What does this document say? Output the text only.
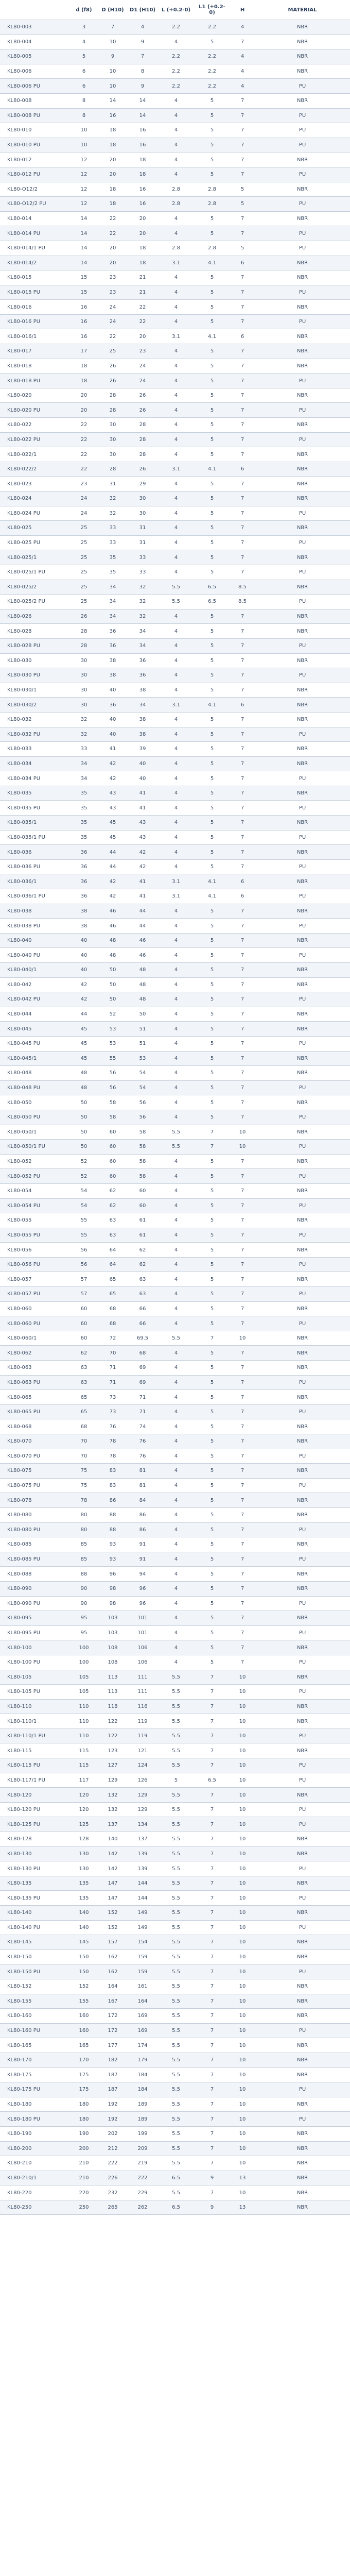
	d (f8)	D (H10)	D1 (H10)	L (+0.2-0)	L1 (+0.2-0)	H	MATERIAL
KL80-003	3	7	4	2.2	2.2	4	NBR
KL80-004	4	10	9	4	5	7	NBR
KL80-005	5	9	7	2.2	2.2	4	NBR
KL80-006	6	10	8	2.2	2.2	4	NBR
KL80-006 PU	6	10	9	2.2	2.2	4	PU
KL80-008	8	14	14	4	5	7	NBR
KL80-008 PU	8	16	14	4	5	7	PU
KL80-010	10	18	16	4	5	7	PU
KL80-010 PU	10	18	16	4	5	7	PU
KL80-012	12	20	18	4	5	7	NBR
KL80-012 PU	12	20	18	4	5	7	PU
KL80-O12/2	12	18	16	2.8	2.8	5	NBR
KL80-O12/2 PU	12	18	16	2.8	2.8	5	PU
KL80-014	14	22	20	4	5	7	NBR
KL80-014 PU	14	22	20	4	5	7	PU
KL80-014/1 PU	14	20	18	2.8	2.8	5	PU
KL80-014/2	14	20	18	3.1	4.1	6	NBR
KL80-015	15	23	21	4	5	7	NBR
KL80-015 PU	15	23	21	4	5	7	PU
KL80-016	16	24	22	4	5	7	NBR
KL80-016 PU	16	24	22	4	5	7	PU
KL80-016/1	16	22	20	3.1	4.1	6	NBR
KL80-017	17	25	23	4	5	7	NBR
KL80-018	18	26	24	4	5	7	NBR
KL80-018 PU	18	26	24	4	5	7	PU
KL80-020	20	28	26	4	5	7	NBR
KL80-020 PU	20	28	26	4	5	7	PU
KL80-022	22	30	28	4	5	7	NBR
KL80-022 PU	22	30	28	4	5	7	PU
KL80-022/1	22	30	28	4	5	7	NBR
KL80-022/2	22	28	26	3.1	4.1	6	NBR
KL80-023	23	31	29	4	5	7	NBR
KL80-024	24	32	30	4	5	7	NBR
KL80-024 PU	24	32	30	4	5	7	PU
KL80-025	25	33	31	4	5	7	NBR
KL80-025 PU	25	33	31	4	5	7	PU
KL80-025/1	25	35	33	4	5	7	NBR
KL80-025/1 PU	25	35	33	4	5	7	PU
KL80-025/2	25	34	32	5.5	6.5	8.5	NBR
KL80-025/2 PU	25	34	32	5.5	6.5	8.5	PU
KL80-026	26	34	32	4	5	7	NBR
KL80-028	28	36	34	4	5	7	NBR
KL80-028 PU	28	36	34	4	5	7	PU
KL80-030	30	38	36	4	5	7	NBR
KL80-030 PU	30	38	36	4	5	7	PU
KL80-030/1	30	40	38	4	5	7	NBR
KL80-030/2	30	36	34	3.1	4.1	6	NBR
KL80-032	32	40	38	4	5	7	NBR
KL80-032 PU	32	40	38	4	5	7	PU
KL80-033	33	41	39	4	5	7	NBR
KL80-034	34	42	40	4	5	7	NBR
KL80-034 PU	34	42	40	4	5	7	PU
KL80-035	35	43	41	4	5	7	NBR
KL80-035 PU	35	43	41	4	5	7	PU
KL80-035/1	35	45	43	4	5	7	NBR
KL80-035/1 PU	35	45	43	4	5	7	PU
KL80-036	36	44	42	4	5	7	NBR
KL80-036 PU	36	44	42	4	5	7	PU
KL80-036/1	36	42	41	3.1	4.1	6	NBR
KL80-036/1 PU	36	42	41	3.1	4.1	6	PU
KL80-038	38	46	44	4	5	7	NBR
KL80-038 PU	38	46	44	4	5	7	PU
KL80-040	40	48	46	4	5	7	NBR
KL80-040 PU	40	48	46	4	5	7	PU
KL80-040/1	40	50	48	4	5	7	NBR
KL80-042	42	50	48	4	5	7	NBR
KL80-042 PU	42	50	48	4	5	7	PU
KL80-044	44	52	50	4	5	7	NBR
KL80-045	45	53	51	4	5	7	NBR
KL80-045 PU	45	53	51	4	5	7	PU
KL80-045/1	45	55	53	4	5	7	NBR
KL80-048	48	56	54	4	5	7	NBR
KL80-048 PU	48	56	54	4	5	7	PU
KL80-050	50	58	56	4	5	7	NBR
KL80-050 PU	50	58	56	4	5	7	PU
KL80-050/1	50	60	58	5.5	7	10	NBR
KL80-050/1 PU	50	60	58	5.5	7	10	PU
KL80-052	52	60	58	4	5	7	NBR
KL80-052 PU	52	60	58	4	5	7	PU
KL80-054	54	62	60	4	5	7	NBR
KL80-054 PU	54	62	60	4	5	7	PU
KL80-055	55	63	61	4	5	7	NBR
KL80-055 PU	55	63	61	4	5	7	PU
KL80-056	56	64	62	4	5	7	NBR
KL80-056 PU	56	64	62	4	5	7	PU
KL80-057	57	65	63	4	5	7	NBR
KL80-057 PU	57	65	63	4	5	7	PU
KL80-060	60	68	66	4	5	7	NBR
KL80-060 PU	60	68	66	4	5	7	PU
KL80-060/1	60	72	69.5	5.5	7	10	NBR
KL80-062	62	70	68	4	5	7	NBR
KL80-063	63	71	69	4	5	7	NBR
KL80-063 PU	63	71	69	4	5	7	PU
KL80-065	65	73	71	4	5	7	NBR
KL80-065 PU	65	73	71	4	5	7	PU
KL80-068	68	76	74	4	5	7	NBR
KL80-070	70	78	76	4	5	7	NBR
KL80-070 PU	70	78	76	4	5	7	PU
KL80-075	75	83	81	4	5	7	NBR
KL80-075 PU	75	83	81	4	5	7	PU
KL80-078	78	86	84	4	5	7	NBR
KL80-080	80	88	86	4	5	7	NBR
KL80-080 PU	80	88	86	4	5	7	PU
KL80-085	85	93	91	4	5	7	NBR
KL80-085 PU	85	93	91	4	5	7	PU
KL80-088	88	96	94	4	5	7	NBR
KL80-090	90	98	96	4	5	7	NBR
KL80-090 PU	90	98	96	4	5	7	PU
KL80-095	95	103	101	4	5	7	NBR
KL80-095 PU	95	103	101	4	5	7	PU
KL80-100	100	108	106	4	5	7	NBR
KL80-100 PU	100	108	106	4	5	7	PU
KL80-105	105	113	111	5.5	7	10	NBR
KL80-105 PU	105	113	111	5.5	7	10	PU
KL80-110	110	118	116	5.5	7	10	NBR
KL80-110/1	110	122	119	5.5	7	10	NBR
KL80-110/1 PU	110	122	119	5.5	7	10	PU
KL80-115	115	123	121	5.5	7	10	NBR
KL80-115 PU	115	127	124	5.5	7	10	PU
KL80-117/1 PU	117	129	126	5	6.5	10	PU
KL80-120	120	132	129	5.5	7	10	NBR
KL80-120 PU	120	132	129	5.5	7	10	PU
KL80-125 PU	125	137	134	5.5	7	10	PU
KL80-128	128	140	137	5.5	7	10	NBR
KL80-130	130	142	139	5.5	7	10	NBR
KL80-130 PU	130	142	139	5.5	7	10	PU
KL80-135	135	147	144	5.5	7	10	NBR
KL80-135 PU	135	147	144	5.5	7	10	PU
KL80-140	140	152	149	5.5	7	10	NBR
KL80-140 PU	140	152	149	5.5	7	10	PU
KL80-145	145	157	154	5.5	7	10	NBR
KL80-150	150	162	159	5.5	7	10	NBR
KL80-150 PU	150	162	159	5.5	7	10	PU
KL80-152	152	164	161	5.5	7	10	NBR
KL80-155	155	167	164	5.5	7	10	NBR
KL80-160	160	172	169	5.5	7	10	NBR
KL80-160 PU	160	172	169	5.5	7	10	PU
KL80-165	165	177	174	5.5	7	10	NBR
KL80-170	170	182	179	5.5	7	10	NBR
KL80-175	175	187	184	5.5	7	10	NBR
KL80-175 PU	175	187	184	5.5	7	10	PU
KL80-180	180	192	189	5.5	7	10	NBR
KL80-180 PU	180	192	189	5.5	7	10	PU
KL80-190	190	202	199	5.5	7	10	NBR
KL80-200	200	212	209	5.5	7	10	NBR
KL80-210	210	222	219	5.5	7	10	NBR
KL80-210/1	210	226	222	6.5	9	13	NBR
KL80-220	220	232	229	5.5	7	10	NBR
KL80-250	250	265	262	6.5	9	13	NBR
